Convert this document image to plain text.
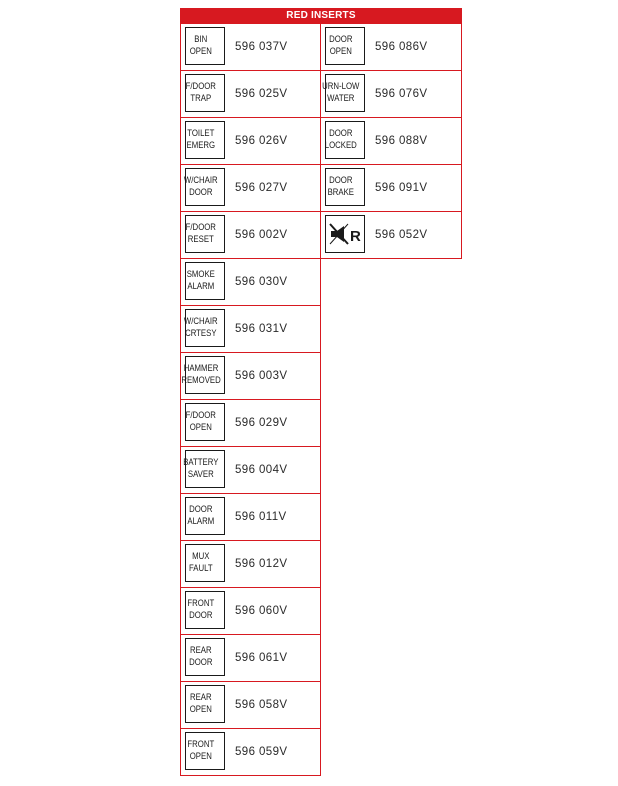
RED INSERTS
BIN
OPEN	596 037V
F/DOOR
TRAP	596 025V
TOILET
EMERG	596 026V
W/CHAIR
DOOR	596 027V
F/DOOR
RESET	596 002V
SMOKE
ALARM	596 030V
W/CHAIR
CRTESY 596 031V
HAMMER
REMOVED 596 003V
F/DOOR
OPEN	596 029V
BATTERY
SAVER	596 004V
DOOR
ALARM	596 011V
MUX
FAULT	596 012V
FRONT
DOOR	596 060V
REAR
DOOR	596 061V
REAR
OPEN	596 058V
FRONT
OPEN	596 059V
DOOR
OPEN	596 086V
URN-LOW
WATER	596 076V
DOOR
LOCKED 596 088V
DOOR
BRAKE	596 091V
R 596 052V
